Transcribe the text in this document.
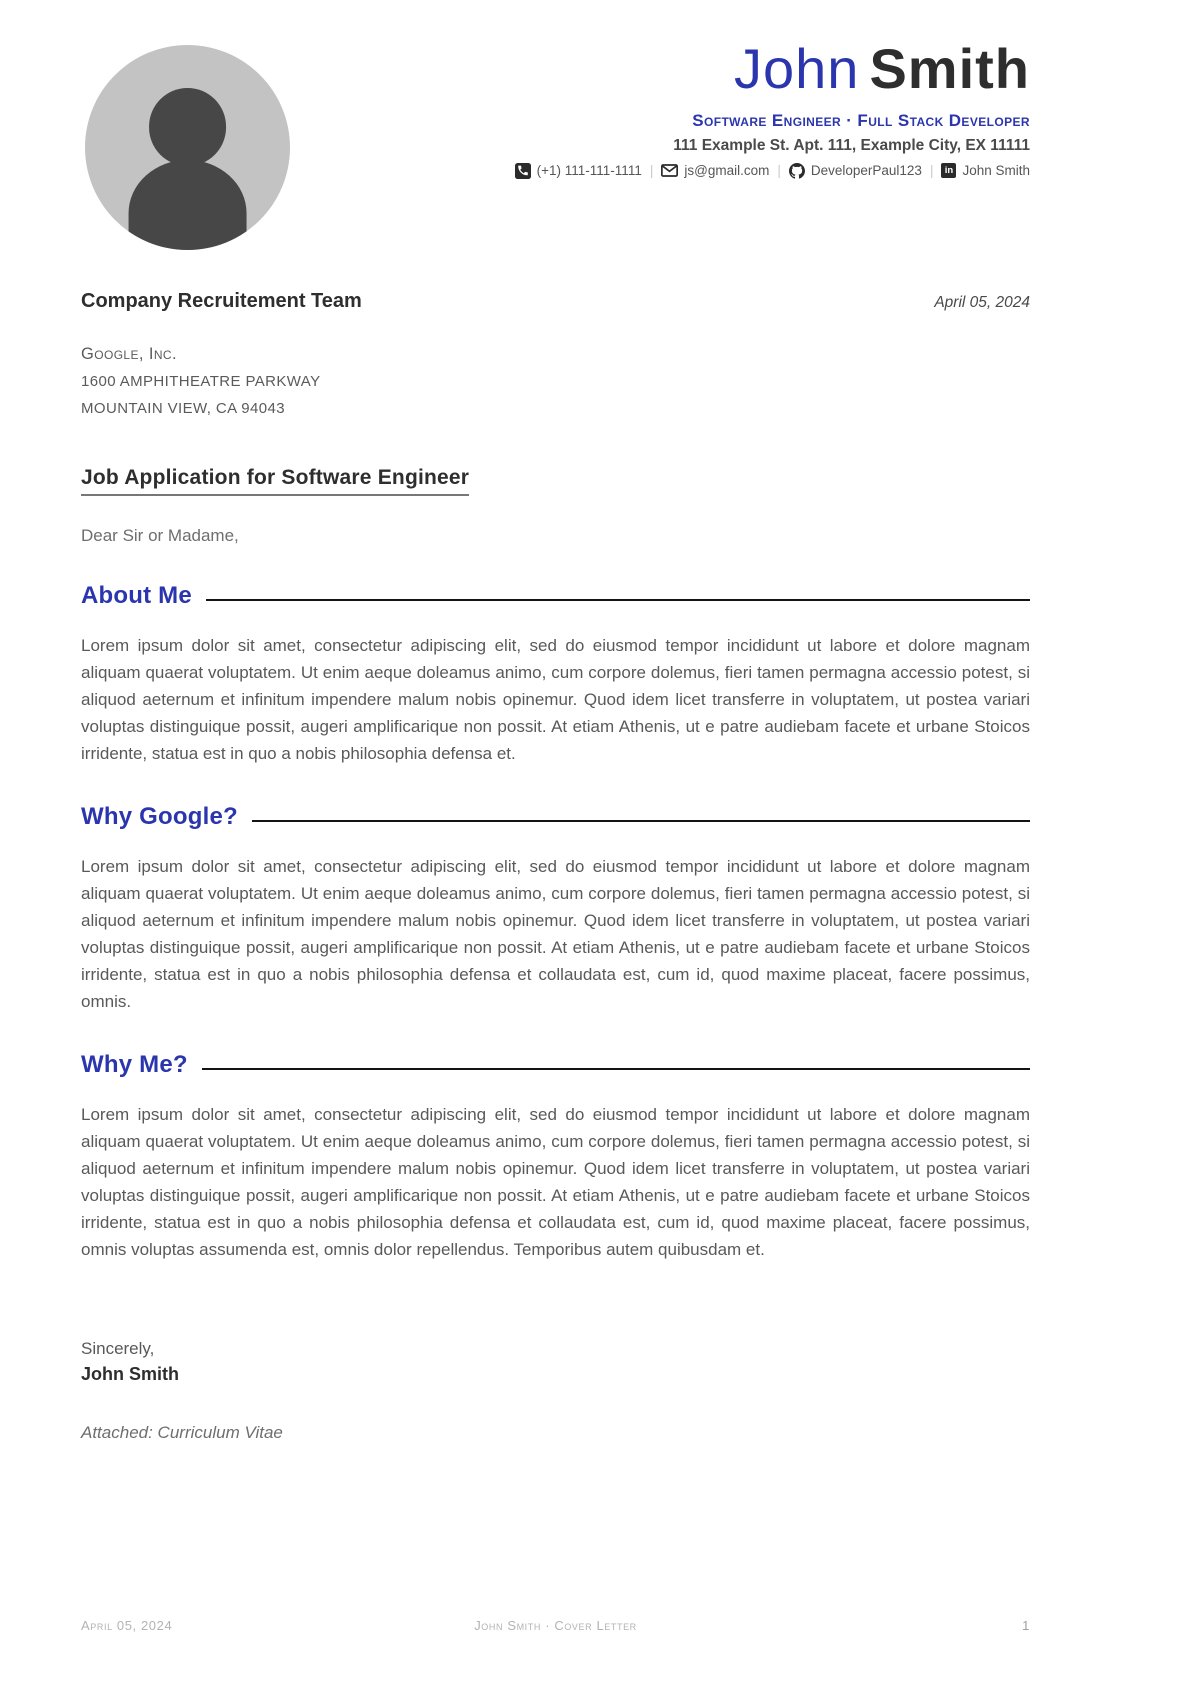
John Smith
Software Engineer · Full Stack Developer
111 Example St. Apt. 111, Example City, EX 11111
(+1) 111-111-1111 | js@gmail.com | DeveloperPaul123 |	in John Smith
Company Recruitement Team	April 05, 2024
Google, Inc.
1600 AMPHITHEATRE PARKWAY
MOUNTAIN VIEW, CA 94043
Job Application for Software Engineer
Dear Sir or Madame,
About Me

Lorem ipsum dolor sit amet, consectetur adipiscing elit, sed do eiusmod tempor incididunt ut labore et dolore magnam aliquam quaerat voluptatem. Ut enim aeque doleamus animo, cum corpore dolemus, fieri tamen permagna accessio potest, si aliquod aeternum et infinitum impendere malum nobis opinemur. Quod idem licet transferre in voluptatem, ut postea variari voluptas distinguique possit, augeri amplificarique non possit. At etiam Athenis, ut e patre audiebam facete et urbane Stoicos irridente, statua est in quo a nobis philosophia defensa et.

Why Google?

Lorem ipsum dolor sit amet, consectetur adipiscing elit, sed do eiusmod tempor incididunt ut labore et dolore magnam aliquam quaerat voluptatem. Ut enim aeque doleamus animo, cum corpore dolemus, fieri tamen permagna accessio potest, si aliquod aeternum et infinitum impendere malum nobis opinemur. Quod idem licet transferre in voluptatem, ut postea variari voluptas distinguique possit, augeri amplificarique non possit. At etiam Athenis, ut e patre audiebam facete et urbane Stoicos irridente, statua est in quo a nobis philosophia defensa et collaudata est, cum id, quod maxime placeat, facere possimus, omnis.

Why Me?

Lorem ipsum dolor sit amet, consectetur adipiscing elit, sed do eiusmod tempor incididunt ut labore et dolore magnam aliquam quaerat voluptatem. Ut enim aeque doleamus animo, cum corpore dolemus, fieri tamen permagna accessio potest, si aliquod aeternum et infinitum impendere malum nobis opinemur. Quod idem licet transferre in voluptatem, ut postea variari voluptas distinguique possit, augeri amplificarique non possit. At etiam Athenis, ut e patre audiebam facete et urbane Stoicos irridente, statua est in quo a nobis philosophia defensa et collaudata est, cum id, quod maxime placeat, facere possimus, omnis voluptas assumenda est, omnis dolor repellendus. Temporibus autem quibusdam et.

Sincerely,
John Smith
Attached: Curriculum Vitae
April 05, 2024	John Smith · Cover Letter	1
